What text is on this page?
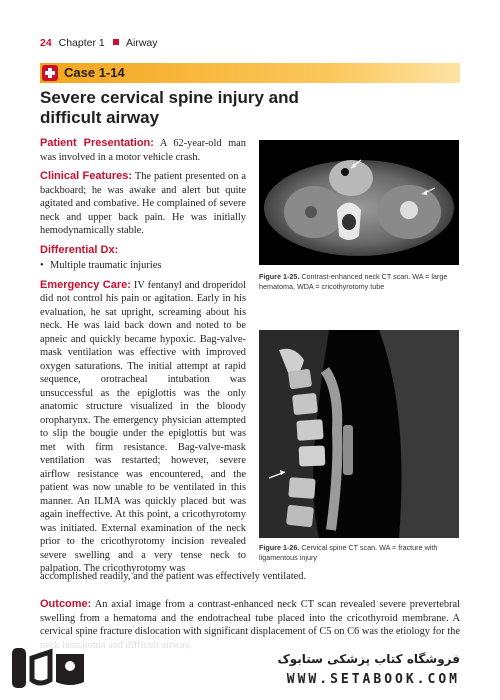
24 Chapter 1 Airway
Case 1-14
Severe cervical spine injury and difficult airway

Patient Presentation: A 62-year-old man was involved in a motor vehicle crash.

Clinical Features: The patient presented on a backboard; he was awake and alert but quite agitated and combative. He complained of severe neck and upper back pain. He was initially hemodynamically stable.

Differential Dx:
• Multiple traumatic injuries

Emergency Care: IV fentanyl and droperidol did not control his pain or agitation. Early in his evaluation, he sat upright, screaming about his neck. He was laid back down and noted to be apneic and quickly became hypoxic. Bag-valve-mask ventilation was effective with improved oxygen saturations. The initial attempt at rapid sequence, orotracheal intubation was unsuccessful as the epiglottis was the only anatomic structure visualized in the bloody oropharynx. The emergency physician attempted to slip the bougie under the epiglottis but was met with firm resistance. Bag-valve-mask ventilation was restarted; however, severe airflow resistance was encountered, and the patient was now unable to be ventilated in this manner. An ILMA was quickly placed but was again ineffective. At this point, a cricothyrotomy was initiated. External examination of the neck prior to the cricothyrotomy incision revealed severe swelling and a very tense neck to palpation. The cricothyrotomy was

Figure 1-25. Contrast-enhanced neck CT scan. WA = large hematoma, WDA = cricothyrotomy tube
Figure 1-26. Cervical spine CT scan. WA = fracture with ligamentous injury

accomplished readily, and the patient was effectively ventilated.

Outcome: An axial image from a contrast-enhanced neck CT scan revealed severe prevertebral swelling from a hematoma and the endotracheal tube placed into the cricothyroid membrane. A cervical spine fracture dislocation with significant displacement of C5 on C6 was the etiology for the

فروشگاه کتاب پزشکی ستابوک
WWW.SETABOOK.COM
